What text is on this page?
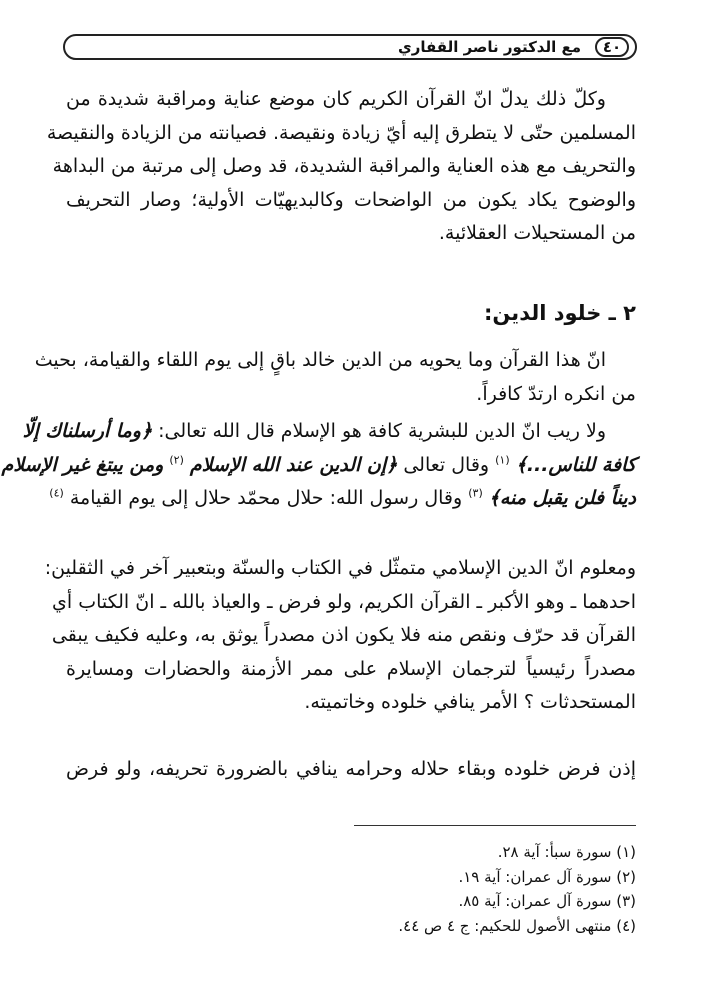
٤٠
مع الدكتور ناصر القفاري
وكلّ ذلك يدلّ انّ القرآن الكريم كان موضع عناية ومراقبة شديدة من
المسلمين حتّى لا يتطرق إليه أيّ زيادة ونقيصة. فصيانته من الزيادة والنقيصة
والتحريف مع هذه العناية والمراقبة الشديدة، قد وصل إلى مرتبة من البداهة
والوضوح يكاد يكون من الواضحات وكالبديهيّات الأولية؛ وصار التحريف
من المستحيلات العقلائية.
٢ ـ خلود الدين:
انّ هذا القرآن وما يحويه من الدين خالد باقٍ إلى يوم اللقاء والقيامة، بحيث
من انكره ارتدّ كافراً.
ولا ريب انّ الدين للبشرية كافة هو الإسلام قال الله تعالى: ﴿وما أرسلناك إلّا
كافة للناس...﴾ $^{(١)}$ وقال تعالى ﴿إن الدين عند الله الإسلام $^{(٢)}$ ومن يبتغ غير الإسلام
ديناً فلن يقبل منه﴾ $^{(٣)}$ وقال رسول الله: حلال محمّد حلال إلى يوم القيامة $^{(٤)}$
ومعلوم انّ الدين الإسلامي متمثّل في الكتاب والسنّة وبتعبير آخر في الثقلين:
احدهما ـ وهو الأكبر ـ القرآن الكريم، ولو فرض ـ والعياذ بالله ـ انّ الكتاب أي
القرآن قد حرّف ونقص منه فلا يكون اذن مصدراً يوثق به، وعليه فكيف يبقى
مصدراً رئيسياً لترجمان الإسلام على ممر الأزمنة والحضارات ومسايرة
المستحدثات ؟ الأمر ينافي خلوده وخاتميته.
إذن فرض خلوده وبقاء حلاله وحرامه ينافي بالضرورة تحريفه، ولو فرض
(١) سورة سبأ: آية ٢٨.
(٢) سورة آل عمران: آية ١٩.
(٣) سورة آل عمران: آية ٨٥.
(٤) منتهى الأصول للحكيم: ج ٤ ص ٤٤.
